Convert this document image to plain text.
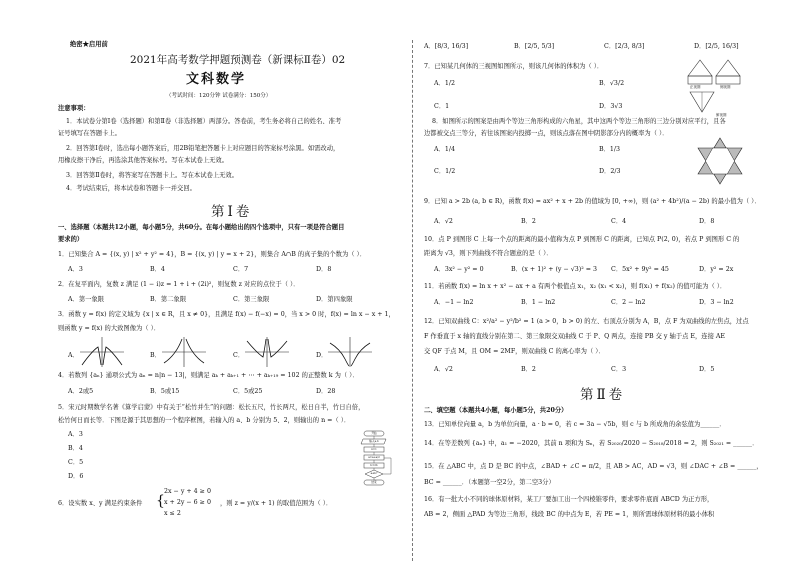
绝密★启用前
2021年高考数学押题预测卷（新课标Ⅱ卷）02
文科数学
（考试时间：120分钟 试卷满分：150分）
注意事项：
1．本试卷分第Ⅰ卷（选择题）和第Ⅱ卷（非选择题）两部分。答卷前，考生务必将自己的姓名、准考
证号填写在答题卡上。
2．回答第Ⅰ卷时，选出每小题答案后，用2B铅笔把答题卡上对应题目的答案标号涂黑。如需改动，
用橡皮擦干净后，再选涂其他答案标号。写在本试卷上无效。
3．回答第Ⅱ卷时，将答案写在答题卡上。写在本试卷上无效。
4．考试结束后，将本试卷和答题卡一并交回。
第Ⅰ卷
一、选择题（本题共12小题，每小题5分，共60分。在每小题给出的四个选项中，只有一项是符合题目
要求的）
1．已知集合 A = {(x, y) | x² + y² = 4}，B = {(x, y) | y = x + 2}，则集合 A∩B 的真子集的个数为（ ）．
A．3	B．4	C．7	D．8
2．在复平面内，复数 z 满足 (1 − i)z = 1 + i + (2i)²，则复数 z 对应的点位于（ ）．
A．第一象限	B．第二象限	C．第三象限	D．第四象限
3．函数 y = f(x) 的定义域为 {x | x ∈ R，且 x ≠ 0}，且满足 f(x) − f(−x) = 0，当 x > 0 时，f(x) = ln x − x + 1，
则函数 y = f(x) 的大致图像为（ ）．
A．	B．	C．	D．
4．若数列 {aₙ} 通项公式为 aₙ = n|n − 13|，则满足 aₖ + aₖ₊₁ + ⋯ + aₖ₊₁₉ = 102 的正整数 k 为（ ）．
A．2或5	B．5或15	C．5或25	D．28
5．宋元时期数学名著《算学启蒙》中有关于“松竹并生”的问题：松长五尺，竹长两尺，松日自半，竹日自倍，
松竹何日而长等．下图是源于其思想的一个程序框图，若输入的 a、b 分别为 5、2，则输出的 n =（ ）．
A．3
B．4
C．5
D．6
开始
输入a,b
n=1
a=a+a/2
b=2b
a≤b?
结束
6．设实数 x、y 满足约束条件 {
2x − y + 4 ≥ 0
x + 2y − 6 ≥ 0
x ≤ 2
，则 z = y/(x + 1) 的取值范围为（ ）．
A．[8/3, 16/3]	B．[2/5, 5/3]	C．[2/3, 8/3]	D．[2/5, 16/3]
7．已知某几何体的三视图如图所示，则该几何体的体积为（ ）．
A．1/2	B．√3/2
C．1	D．3√3
正视图	侧视图
俯视图
8．如图所示的图案是由两个等边三角形构成的六角星，其中这两个等边三角形的三边分别对应平行，且各
边都被交点三等分，若往该图案内投掷一点，则该点落在图中阴影部分内的概率为（ ）．
A．1/4	B．1/3
C．1/2	D．2/3
9．已知 a > 2b (a, b ∈ R)，函数 f(x) = ax² + x + 2b 的值域为 [0, +∞)，则 (a² + 4b²)/(a − 2b) 的最小值为（ ）．
A．√2	B．2	C．4	D．8
10．点 P 到图形 C 上每一个点的距离的最小值称为点 P 到图形 C 的距离，已知点 P(2, 0)，若点 P 到图形 C 的
距离为 √3，则下列曲线不符合题意的是（ ）．
A．3x² − y² = 0	B．(x + 1)² + (y − √3)² = 3 C．5x² + 9y² = 45	D．y² = 2x
11．若函数 f(x) = ln x + x² − ax + a 有两个极值点 x₁，x₂ (x₁ < x₂)，则 f(x₁) + f(x₂) 的值可能为（ ）．
A．−1 − ln2	B．1 − ln2	C．2 − ln2	D．3 − ln2
12．已知双曲线 C：x²/a² − y²/b² = 1 (a > 0，b > 0) 的左、右顶点分别为 A，B，点 F 为双曲线的左焦点，过点
F 作垂直于 x 轴的直线分别在第二、第三象限交双曲线 C 于 P、Q 两点，连接 PB 交 y 轴于点 E，连接 AE
交 QF 于点 M，且 OM = 2MF，则双曲线 C 的离心率为（ ）．
A．√2	B．2	C．3	D．5
第Ⅱ卷
二、填空题（本题共4小题，每小题5分，共20分）
13．已知单位向量 a，b 为单位向量，a · b = 0，若 c = 3a − √5b，则 c 与 b 所成角的余弦值为______．
14．在等差数列 {aₙ} 中，a₁ = −2020，其前 n 项和为 Sₙ，若 S₂₀₂₀/2020 − S₂₀₁₈/2018 = 2，则 S₂₀₂₁ = ______．
15．在 △ABC 中，点 D 是 BC 的中点，∠BAD + ∠C = π/2，且 AB > AC，AD = √3，则 ∠DAC + ∠B = ______，
BC = ______．（本题第一空2分，第二空3分）
16．有一批大小不同的球体原材料，某工厂要加工出一个四棱锥零件，要求零件底面 ABCD 为正方形，
AB = 2，侧面 △PAD 为等边三角形，线段 BC 的中点为 E，若 PE = 1，则所需球体原材料的最小体积
